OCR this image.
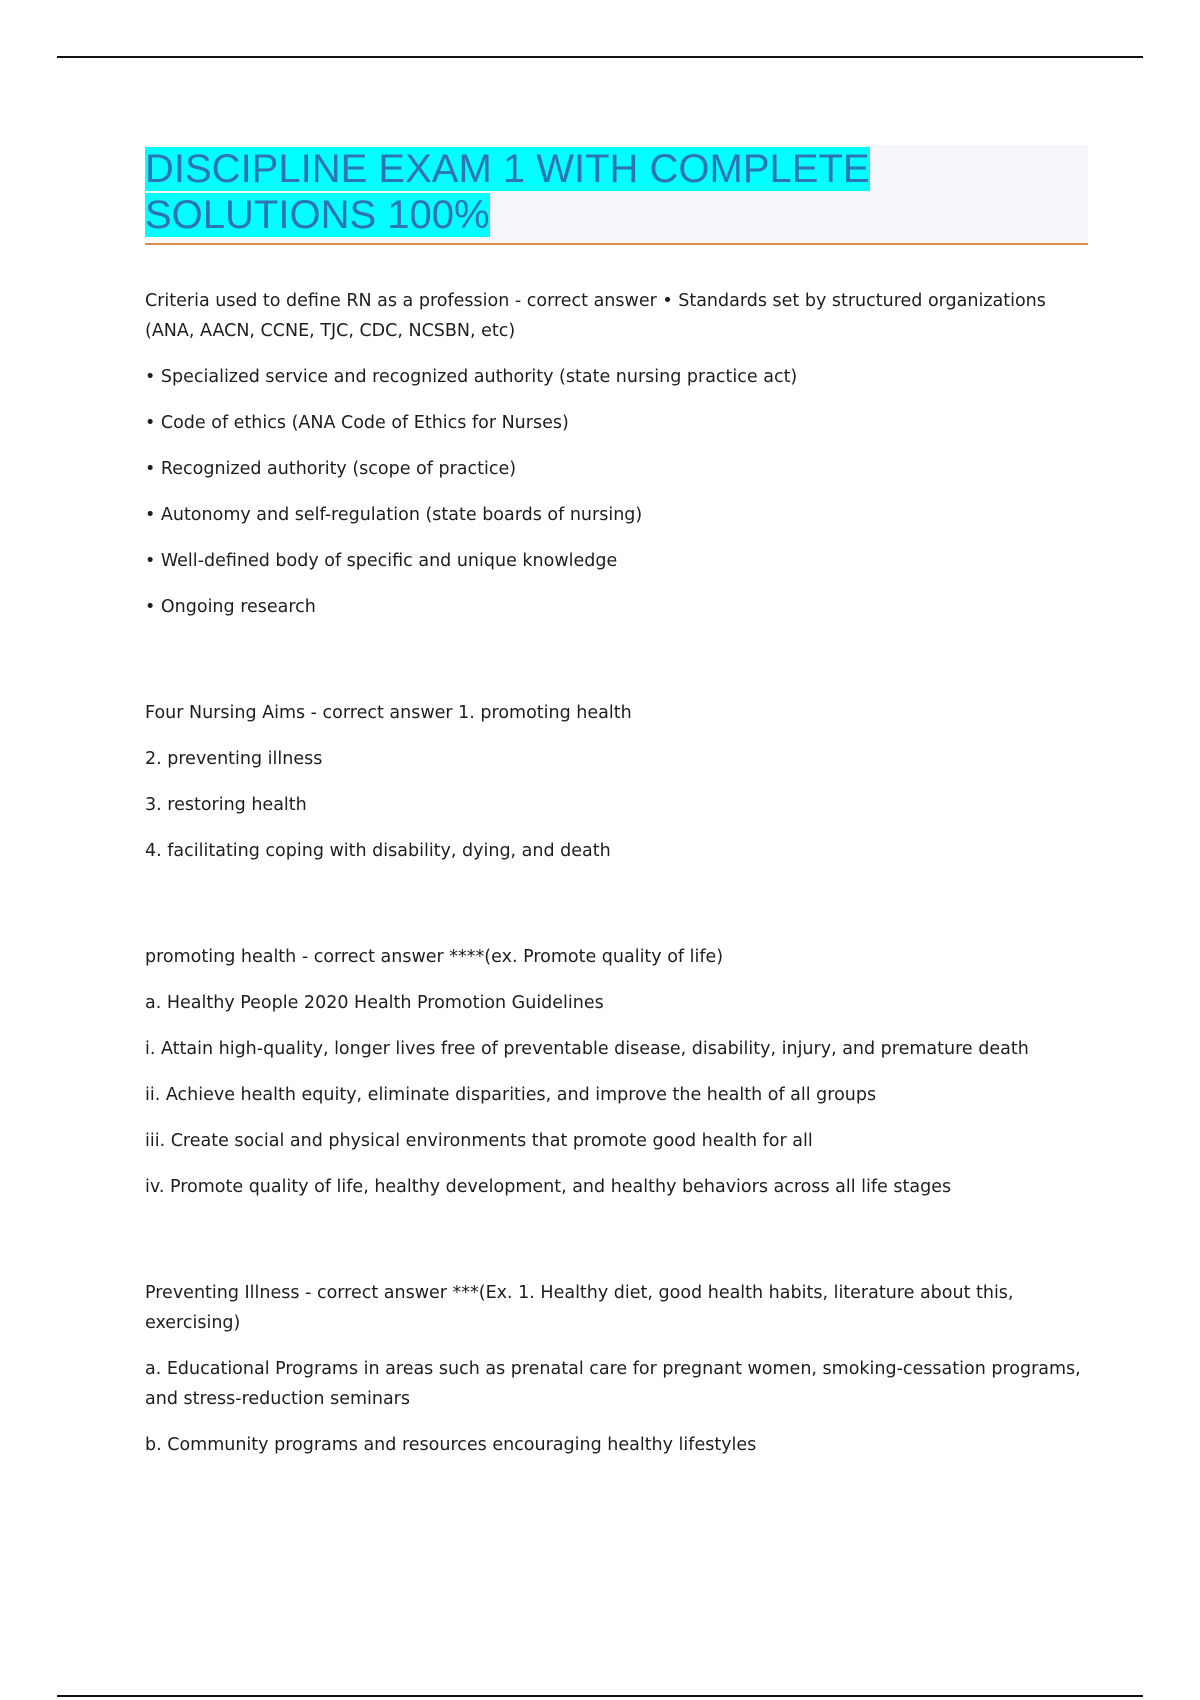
DISCIPLINE EXAM 1 WITH COMPLETE
SOLUTIONS 100%

Criteria used to define RN as a profession - correct answer • Standards set by structured organizations (ANA, AACN, CCNE, TJC, CDC, NCSBN, etc)

• Specialized service and recognized authority (state nursing practice act)

• Code of ethics (ANA Code of Ethics for Nurses)

• Recognized authority (scope of practice)

• Autonomy and self-regulation (state boards of nursing)

• Well-defined body of specific and unique knowledge

• Ongoing research

Four Nursing Aims - correct answer 1. promoting health

2. preventing illness

3. restoring health

4. facilitating coping with disability, dying, and death

promoting health - correct answer ****(ex. Promote quality of life)

a. Healthy People 2020 Health Promotion Guidelines

i. Attain high-quality, longer lives free of preventable disease, disability, injury, and premature death

ii. Achieve health equity, eliminate disparities, and improve the health of all groups

iii. Create social and physical environments that promote good health for all

iv. Promote quality of life, healthy development, and healthy behaviors across all life stages

Preventing Illness - correct answer ***(Ex. 1. Healthy diet, good health habits, literature about this, exercising)

a. Educational Programs in areas such as prenatal care for pregnant women, smoking-cessation programs, and stress-reduction seminars

b. Community programs and resources encouraging healthy lifestyles
